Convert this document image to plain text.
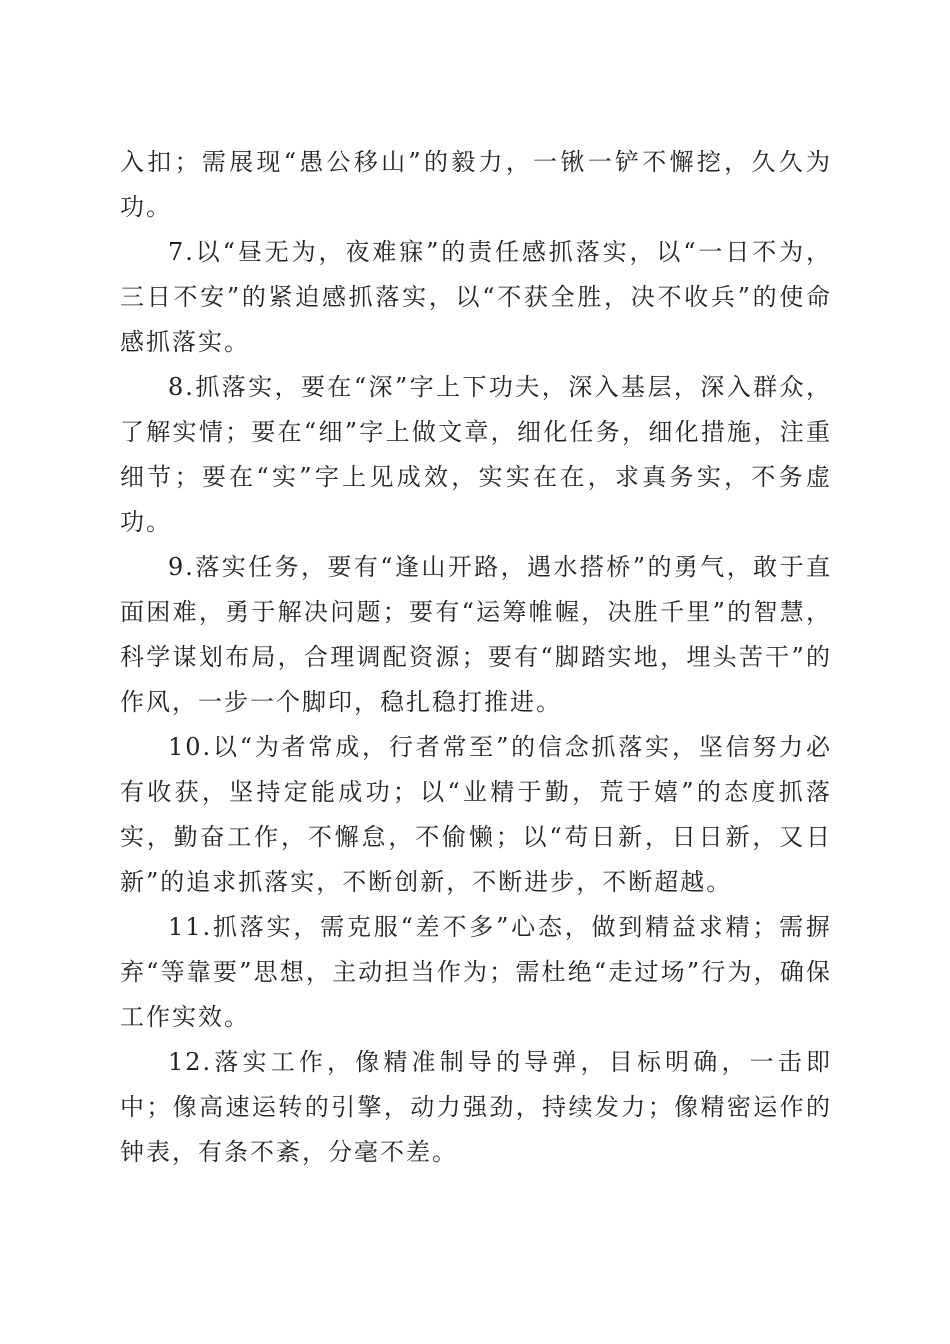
入扣；需展现“愚公移山”的毅力，一锹一铲不懈挖，久久为功。

7.以“昼无为，夜难寐”的责任感抓落实，以“一日不为，三日不安”的紧迫感抓落实，以“不获全胜，决不收兵”的使命感抓落实。

8.抓落实，要在“深”字上下功夫，深入基层，深入群众，了解实情；要在“细”字上做文章，细化任务，细化措施，注重细节；要在“实”字上见成效，实实在在，求真务实，不务虚功。

9.落实任务，要有“逢山开路，遇水搭桥”的勇气，敢于直面困难，勇于解决问题；要有“运筹帷幄，决胜千里”的智慧，科学谋划布局，合理调配资源；要有“脚踏实地，埋头苦干”的作风，一步一个脚印，稳扎稳打推进。

10.以“为者常成，行者常至”的信念抓落实，坚信努力必有收获，坚持定能成功；以“业精于勤，荒于嬉”的态度抓落实，勤奋工作，不懈怠，不偷懒；以“苟日新，日日新，又日新”的追求抓落实，不断创新，不断进步，不断超越。

11.抓落实，需克服“差不多”心态，做到精益求精；需摒弃“等靠要”思想，主动担当作为；需杜绝“走过场”行为，确保工作实效。

12.落实工作，像精准制导的导弹，目标明确，一击即中；像高速运转的引擎，动力强劲，持续发力；像精密运作的钟表，有条不紊，分毫不差。
